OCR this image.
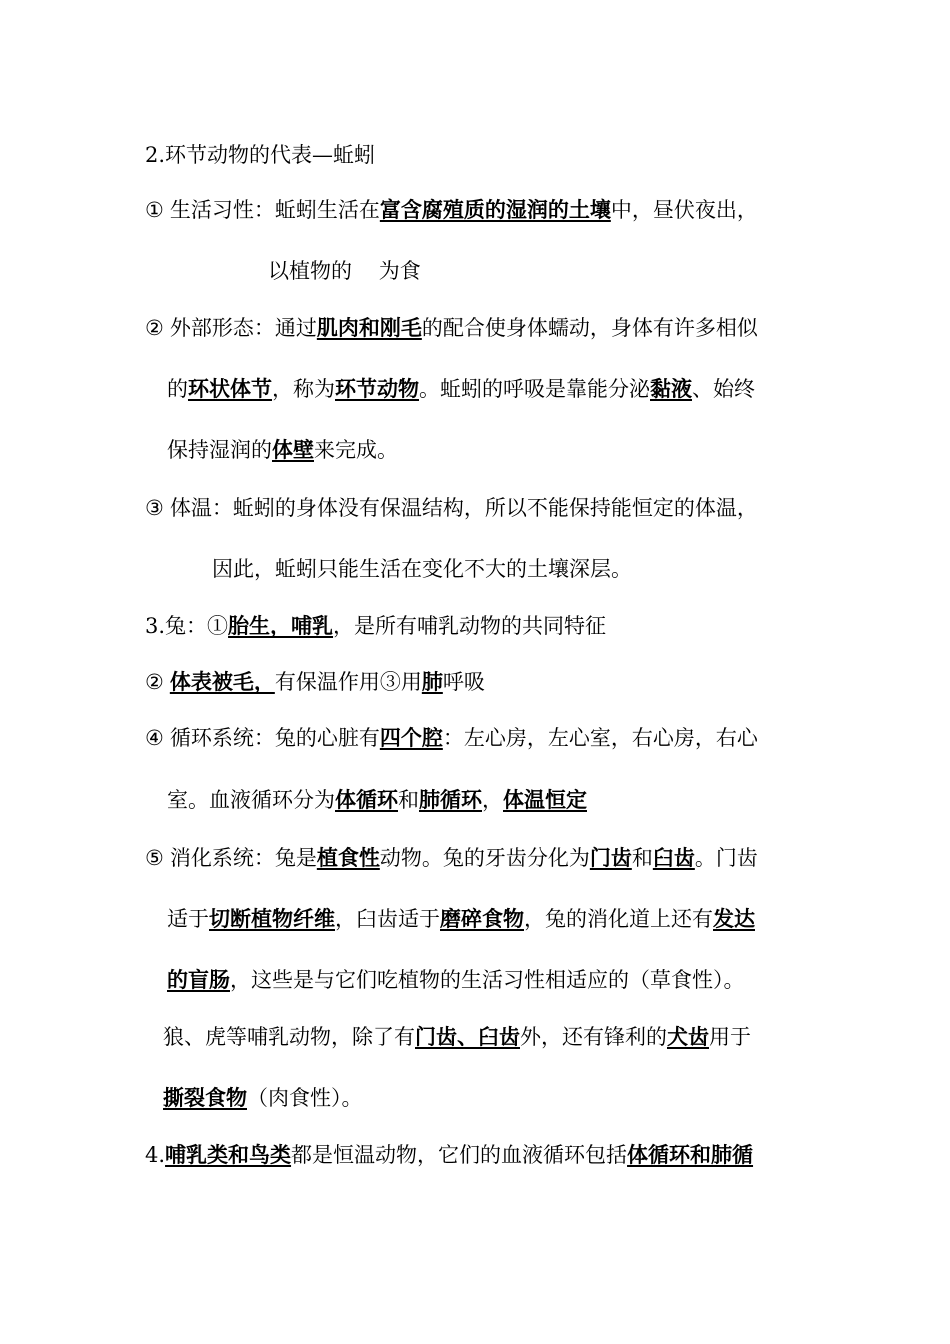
2.环节动物的代表—蚯蚓
① 生活习性：蚯蚓生活在富含腐殖质的湿润的土壤中，昼伏夜出，
以植物的 为食
② 外部形态：通过肌肉和刚毛的配合使身体蠕动，身体有许多相似
的环状体节，称为环节动物。蚯蚓的呼吸是靠能分泌黏液、始终
保持湿润的体壁来完成。
③ 体温：蚯蚓的身体没有保温结构，所以不能保持能恒定的体温，
因此，蚯蚓只能生活在变化不大的土壤深层。
3.兔：①胎生，哺乳，是所有哺乳动物的共同特征
② 体表被毛，有保温作用③用肺呼吸
④ 循环系统：兔的心脏有四个腔：左心房，左心室，右心房，右心
室。血液循环分为体循环和肺循环，体温恒定
⑤ 消化系统：兔是植食性动物。兔的牙齿分化为门齿和臼齿。门齿
适于切断植物纤维，臼齿适于磨碎食物，兔的消化道上还有发达
的盲肠，这些是与它们吃植物的生活习性相适应的（草食性）。
狼、虎等哺乳动物，除了有门齿、臼齿外，还有锋利的犬齿用于
撕裂食物（肉食性）。
4.哺乳类和鸟类都是恒温动物，它们的血液循环包括体循环和肺循
